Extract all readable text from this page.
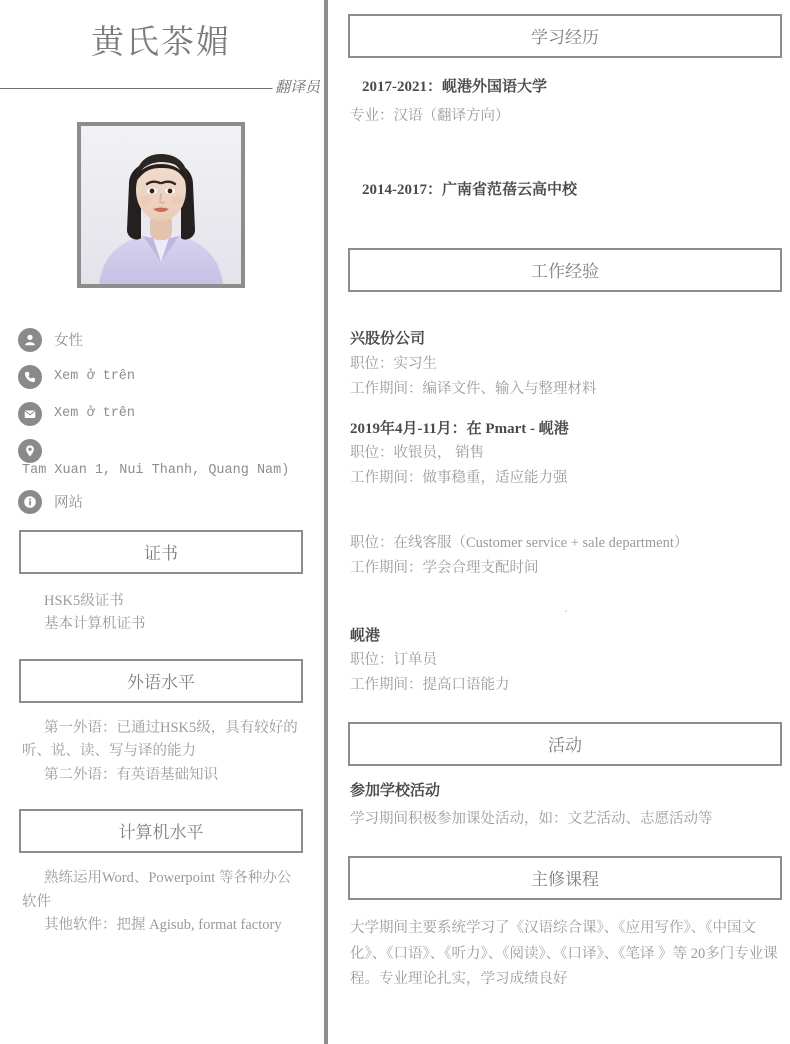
黄氏茶媚
翻译员
女性
Xem ở trên
Xem ở trên
Tam Xuan 1, Nui Thanh, Quang Nam)
网站
证书
HSK5级证书
基本计算机证书
外语水平
第一外语：已通过HSK5级，具有较好的听、说、读、写与译的能力
第二外语：有英语基础知识
计算机水平
熟练运用Word、Powerpoint 等各种办公软件
其他软件：把握 Agisub, format factory
学习经历
2017-2021：岘港外国语大学
专业：汉语（翻译方向）
2014-2017：广南省范蓓云高中校
工作经验
兴股份公司
职位：实习生
工作期间：编译文件、输入与整理材料
2019年4月-11月：在 Pmart - 岘港
职位：收银员， 销售
工作期间：做事稳重，适应能力强
职位：在线客服（Customer service + sale department）
工作期间：学会合理支配时间
.
岘港
职位：订单员
工作期间：提高口语能力
活动
参加学校活动
学习期间积极参加课处活动，如：文艺活动、志愿活动等
主修课程
大学期间主要系统学习了《汉语综合课》、《应用写作》、《中国文化》、《口语》、《听力》、《阅读》、《口译》、《笔译 》等 20多门专业课程。专业理论扎实，学习成绩良好
